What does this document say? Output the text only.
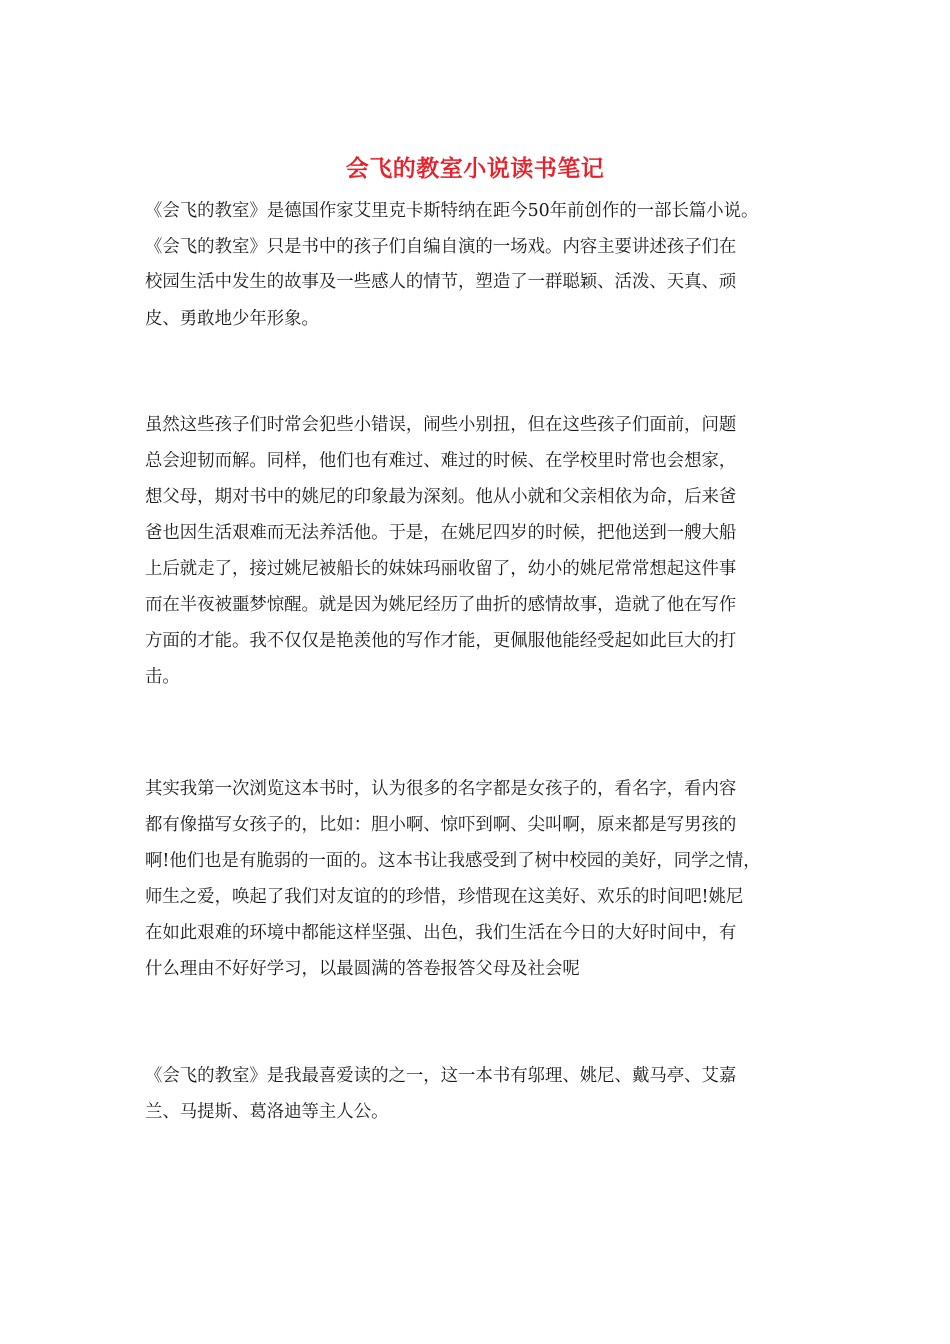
会飞的教室小说读书笔记
《会飞的教室》是德国作家艾里克卡斯特纳在距今50年前创作的一部长篇小说。
《会飞的教室》只是书中的孩子们自编自演的一场戏。内容主要讲述孩子们在
校园生活中发生的故事及一些感人的情节，塑造了一群聪颖、活泼、天真、顽
皮、勇敢地少年形象。
虽然这些孩子们时常会犯些小错误，闹些小别扭，但在这些孩子们面前，问题
总会迎韧而解。同样，他们也有难过、难过的时候、在学校里时常也会想家，
想父母，期对书中的姚尼的印象最为深刻。他从小就和父亲相依为命，后来爸
爸也因生活艰难而无法养活他。于是，在姚尼四岁的时候，把他送到一艘大船
上后就走了，接过姚尼被船长的妹妹玛丽收留了，幼小的姚尼常常想起这件事
而在半夜被噩梦惊醒。就是因为姚尼经历了曲折的感情故事，造就了他在写作
方面的才能。我不仅仅是艳羡他的写作才能，更佩服他能经受起如此巨大的打
击。
其实我第一次浏览这本书时，认为很多的名字都是女孩子的，看名字，看内容
都有像描写女孩子的，比如：胆小啊、惊吓到啊、尖叫啊，原来都是写男孩的
啊!他们也是有脆弱的一面的。这本书让我感受到了树中校园的美好，同学之情，
师生之爱，唤起了我们对友谊的的珍惜，珍惜现在这美好、欢乐的时间吧!姚尼
在如此艰难的环境中都能这样坚强、出色，我们生活在今日的大好时间中，有
什么理由不好好学习，以最圆满的答卷报答父母及社会呢
《会飞的教室》是我最喜爱读的之一，这一本书有邬理、姚尼、戴马亭、艾嘉
兰、马提斯、葛洛迪等主人公。
